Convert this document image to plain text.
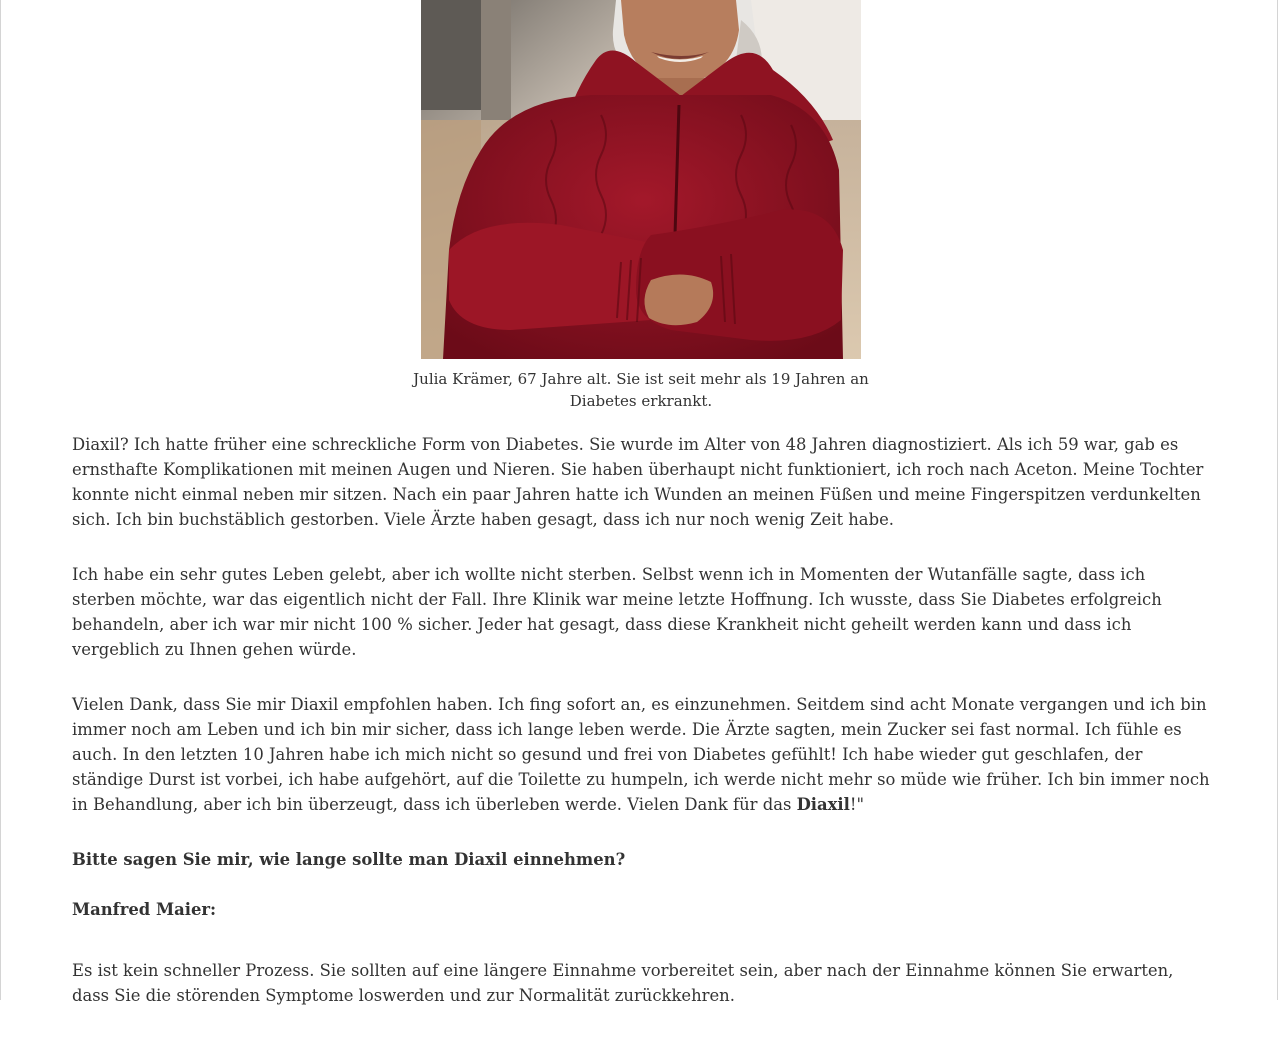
Julia Krämer, 67 Jahre alt. Sie ist seit mehr als 19 Jahren an Diabetes erkrankt.

Diaxil? Ich hatte früher eine schreckliche Form von Diabetes. Sie wurde im Alter von 48 Jahren diagnostiziert. Als ich 59 war, gab es ernsthafte Komplikationen mit meinen Augen und Nieren. Sie haben überhaupt nicht funktioniert, ich roch nach Aceton. Meine Tochter konnte nicht einmal neben mir sitzen. Nach ein paar Jahren hatte ich Wunden an meinen Füßen und meine Fingerspitzen verdunkelten sich. Ich bin buchstäblich gestorben. Viele Ärzte haben gesagt, dass ich nur noch wenig Zeit habe.

Ich habe ein sehr gutes Leben gelebt, aber ich wollte nicht sterben. Selbst wenn ich in Momenten der Wutanfälle sagte, dass ich sterben möchte, war das eigentlich nicht der Fall. Ihre Klinik war meine letzte Hoffnung. Ich wusste, dass Sie Diabetes erfolgreich behandeln, aber ich war mir nicht 100 % sicher. Jeder hat gesagt, dass diese Krankheit nicht geheilt werden kann und dass ich vergeblich zu Ihnen gehen würde.

Vielen Dank, dass Sie mir Diaxil empfohlen haben. Ich fing sofort an, es einzunehmen. Seitdem sind acht Monate vergangen und ich bin immer noch am Leben und ich bin mir sicher, dass ich lange leben werde. Die Ärzte sagten, mein Zucker sei fast normal. Ich fühle es auch. In den letzten 10 Jahren habe ich mich nicht so gesund und frei von Diabetes gefühlt! Ich habe wieder gut geschlafen, der ständige Durst ist vorbei, ich habe aufgehört, auf die Toilette zu humpeln, ich werde nicht mehr so müde wie früher. Ich bin immer noch in Behandlung, aber ich bin überzeugt, dass ich überleben werde. Vielen Dank für das Diaxil!"

Bitte sagen Sie mir, wie lange sollte man Diaxil einnehmen?

Manfred Maier:

Es ist kein schneller Prozess. Sie sollten auf eine längere Einnahme vorbereitet sein, aber nach der Einnahme können Sie erwarten, dass Sie die störenden Symptome loswerden und zur Normalität zurückkehren.
